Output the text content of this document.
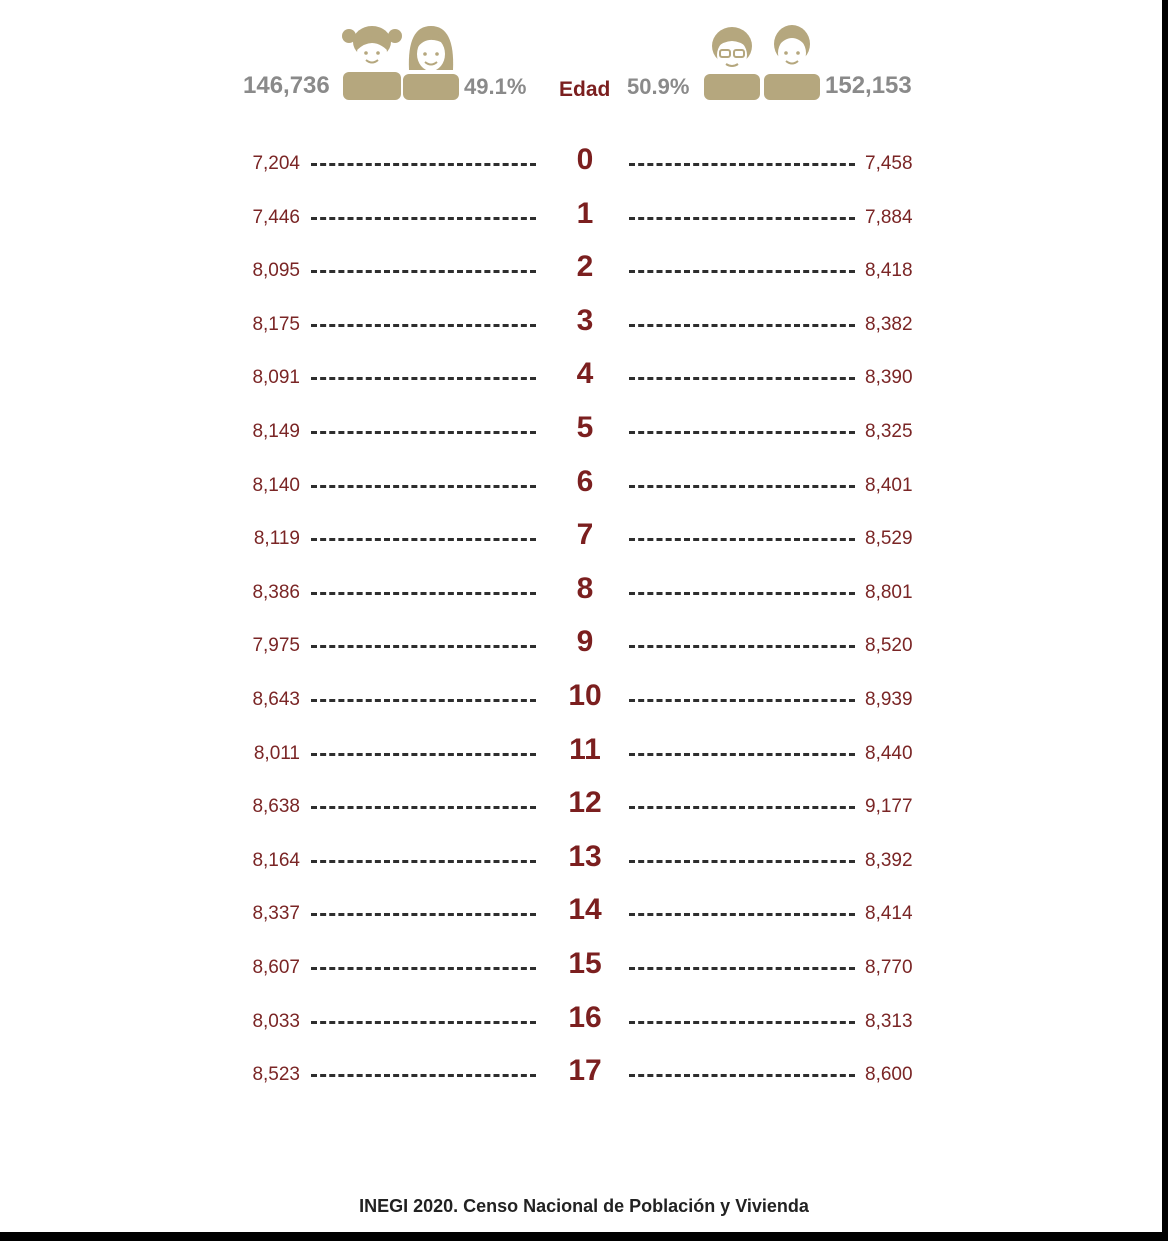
146,736	49.1% Edad 50.9%	152,153
7,204	0	7,458
7,446	1	7,884
8,095	2	8,418
8,175	3	8,382
8,091	4	8,390
8,149	5	8,325
8,140	6	8,401
8,119	7	8,529
8,386	8	8,801
7,975	9	8,520
8,643	10	8,939
8,011	11	8,440
8,638	12	9,177
8,164	13	8,392
8,337	14	8,414
8,607	15	8,770
8,033	16	8,313
8,523	17	8,600
INEGI 2020. Censo Nacional de Población y Vivienda
